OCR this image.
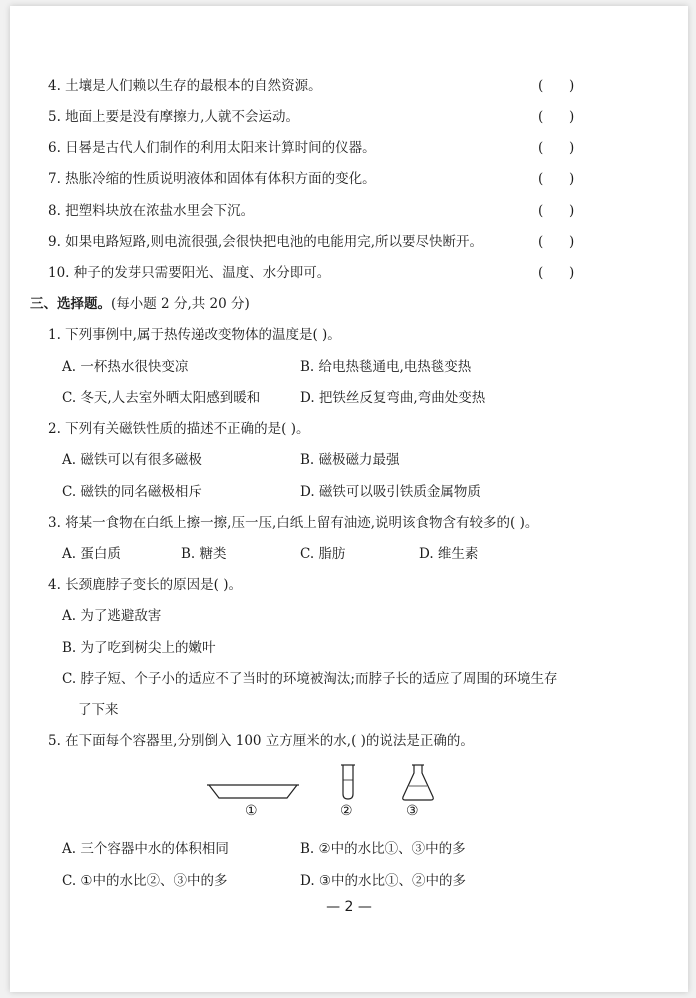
4. 土壤是人们赖以生存的最根本的自然资源。	(      )
5. 地面上要是没有摩擦力,人就不会运动。	(      )
6. 日晷是古代人们制作的利用太阳来计算时间的仪器。	(      )
7. 热胀冷缩的性质说明液体和固体有体积方面的变化。	(      )
8. 把塑料块放在浓盐水里会下沉。	(      )
9. 如果电路短路,则电流很强,会很快把电池的电能用完,所以要尽快断开。	(      )
10. 种子的发芽只需要阳光、温度、水分即可。	(      )
三、选择题。(每小题 2 分,共 20 分)
1. 下列事例中,属于热传递改变物体的温度是( )。
A. 一杯热水很快变凉	B. 给电热毯通电,电热毯变热
C. 冬天,人去室外晒太阳感到暖和	D. 把铁丝反复弯曲,弯曲处变热
2. 下列有关磁铁性质的描述不正确的是( )。
A. 磁铁可以有很多磁极	B. 磁极磁力最强
C. 磁铁的同名磁极相斥	D. 磁铁可以吸引铁质金属物质
3. 将某一食物在白纸上擦一擦,压一压,白纸上留有油迹,说明该食物含有较多的( )。
A. 蛋白质	B. 糖类	C. 脂肪	D. 维生素
4. 长颈鹿脖子变长的原因是( )。
A. 为了逃避敌害
B. 为了吃到树尖上的嫩叶
C. 脖子短、个子小的适应不了当时的环境被淘汰;而脖子长的适应了周围的环境生存
了下来
5. 在下面每个容器里,分别倒入 100 立方厘米的水,( )的说法是正确的。
①	②	③
A. 三个容器中水的体积相同	B. ②中的水比①、③中的多
C. ①中的水比②、③中的多	D. ③中的水比①、②中的多
— 2 —
